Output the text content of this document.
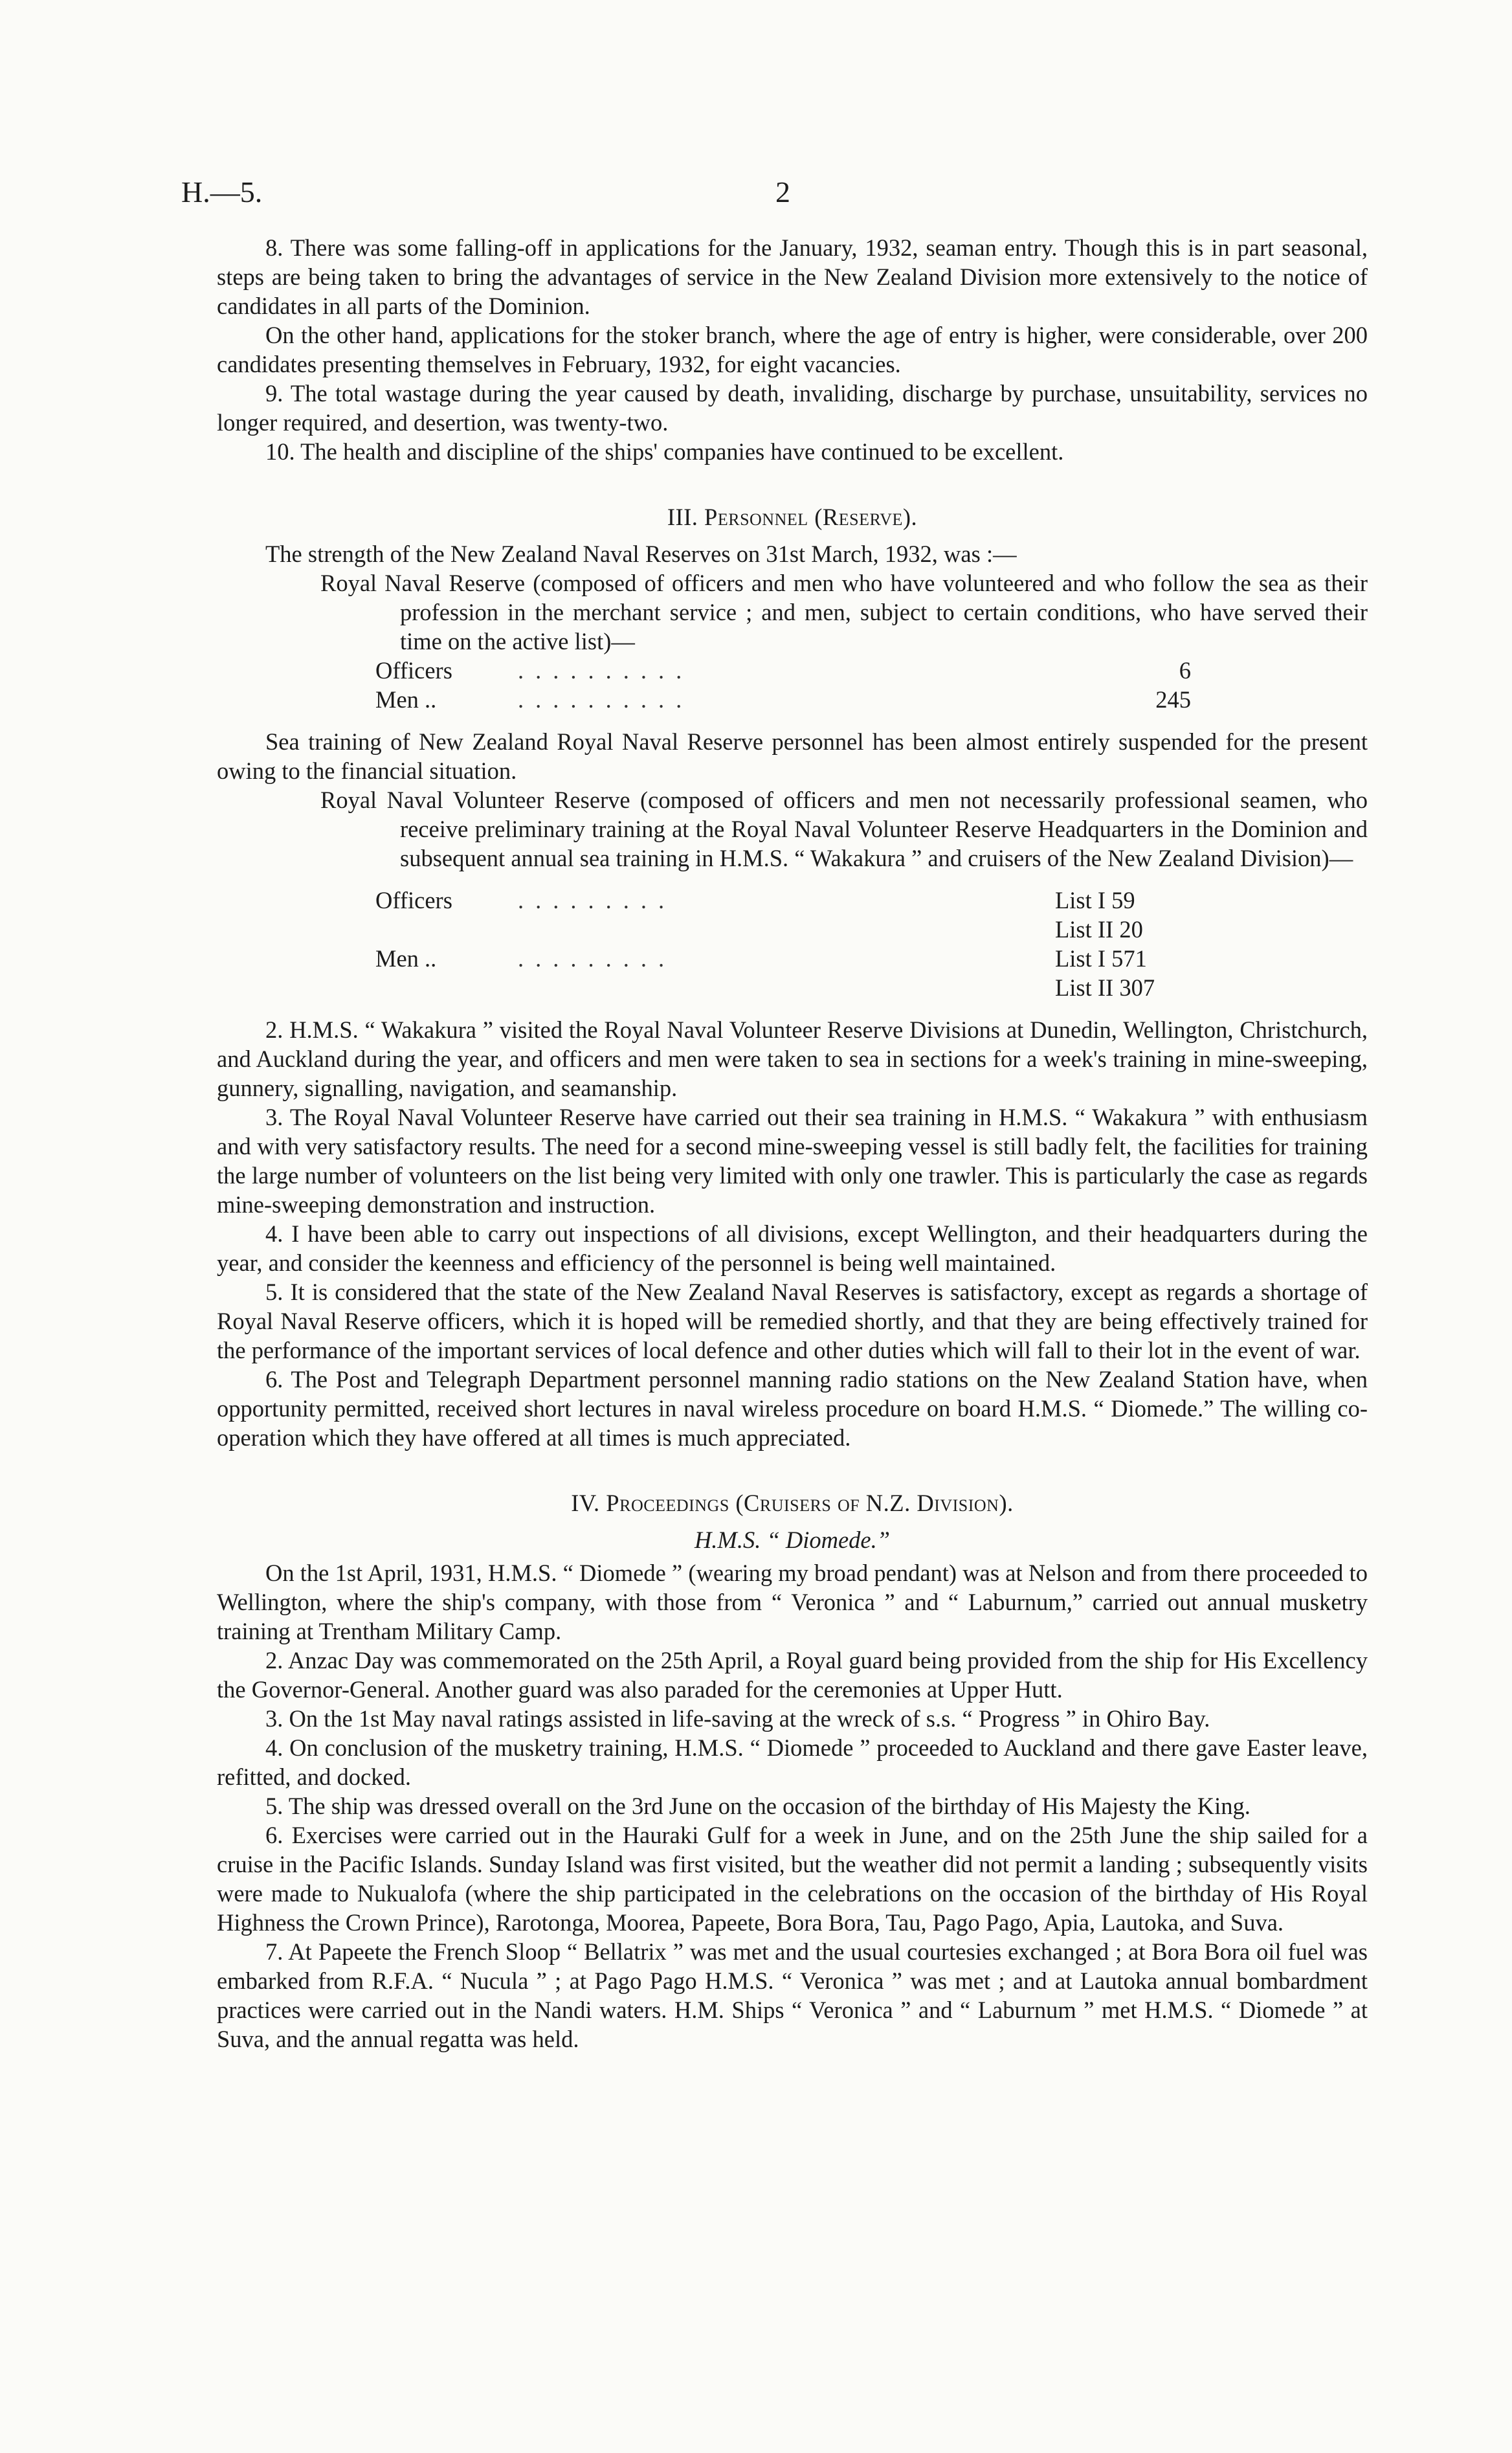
H.—5.	2

8. There was some falling-off in applications for the January, 1932, seaman entry. Though this is in part seasonal, steps are being taken to bring the advantages of service in the New Zealand Division more extensively to the notice of candidates in all parts of the Dominion.

On the other hand, applications for the stoker branch, where the age of entry is higher, were considerable, over 200 candidates presenting themselves in February, 1932, for eight vacancies.

9. The total wastage during the year caused by death, invaliding, discharge by purchase, unsuitability, services no longer required, and desertion, was twenty-two.

10. The health and discipline of the ships' companies have continued to be excellent.

III. Personnel (Reserve).

The strength of the New Zealand Naval Reserves on 31st March, 1932, was :—

Royal Naval Reserve (composed of officers and men who have volunteered and who follow the sea as their profession in the merchant service ; and men, subject to certain conditions, who have served their time on the active list)—

Officers	..........	6
Men ..	..........	245

Sea training of New Zealand Royal Naval Reserve personnel has been almost entirely suspended for the present owing to the financial situation.

Royal Naval Volunteer Reserve (composed of officers and men not necessarily professional seamen, who receive preliminary training at the Royal Naval Volunteer Reserve Headquarters in the Dominion and subsequent annual sea training in H.M.S. “ Wakakura ” and cruisers of the New Zealand Division)—

Officers	.........	List I 59
List II 20
Men ..	.........	List I 571
List II 307

2. H.M.S. “ Wakakura ” visited the Royal Naval Volunteer Reserve Divisions at Dunedin, Wellington, Christchurch, and Auckland during the year, and officers and men were taken to sea in sections for a week's training in mine-sweeping, gunnery, signalling, navigation, and seamanship.

3. The Royal Naval Volunteer Reserve have carried out their sea training in H.M.S. “ Wakakura ” with enthusiasm and with very satisfactory results. The need for a second mine-sweeping vessel is still badly felt, the facilities for training the large number of volunteers on the list being very limited with only one trawler. This is particularly the case as regards mine-sweeping demonstration and instruction.

4. I have been able to carry out inspections of all divisions, except Wellington, and their headquarters during the year, and consider the keenness and efficiency of the personnel is being well maintained.

5. It is considered that the state of the New Zealand Naval Reserves is satisfactory, except as regards a shortage of Royal Naval Reserve officers, which it is hoped will be remedied shortly, and that they are being effectively trained for the performance of the important services of local defence and other duties which will fall to their lot in the event of war.

6. The Post and Telegraph Department personnel manning radio stations on the New Zealand Station have, when opportunity permitted, received short lectures in naval wireless procedure on board H.M.S. “ Diomede.” The willing co-operation which they have offered at all times is much appreciated.

IV. Proceedings (Cruisers of N.Z. Division).

H.M.S. “ Diomede.”

On the 1st April, 1931, H.M.S. “ Diomede ” (wearing my broad pendant) was at Nelson and from there proceeded to Wellington, where the ship's company, with those from “ Veronica ” and “ Laburnum,” carried out annual musketry training at Trentham Military Camp.

2. Anzac Day was commemorated on the 25th April, a Royal guard being provided from the ship for His Excellency the Governor-General. Another guard was also paraded for the ceremonies at Upper Hutt.

3. On the 1st May naval ratings assisted in life-saving at the wreck of s.s. “ Progress ” in Ohiro Bay.

4. On conclusion of the musketry training, H.M.S. “ Diomede ” proceeded to Auckland and there gave Easter leave, refitted, and docked.

5. The ship was dressed overall on the 3rd June on the occasion of the birthday of His Majesty the King.

6. Exercises were carried out in the Hauraki Gulf for a week in June, and on the 25th June the ship sailed for a cruise in the Pacific Islands. Sunday Island was first visited, but the weather did not permit a landing ; subsequently visits were made to Nukualofa (where the ship participated in the celebrations on the occasion of the birthday of His Royal Highness the Crown Prince), Rarotonga, Moorea, Papeete, Bora Bora, Tau, Pago Pago, Apia, Lautoka, and Suva.

7. At Papeete the French Sloop “ Bellatrix ” was met and the usual courtesies exchanged ; at Bora Bora oil fuel was embarked from R.F.A. “ Nucula ” ; at Pago Pago H.M.S. “ Veronica ” was met ; and at Lautoka annual bombardment practices were carried out in the Nandi waters. H.M. Ships “ Veronica ” and “ Laburnum ” met H.M.S. “ Diomede ” at Suva, and the annual regatta was held.
